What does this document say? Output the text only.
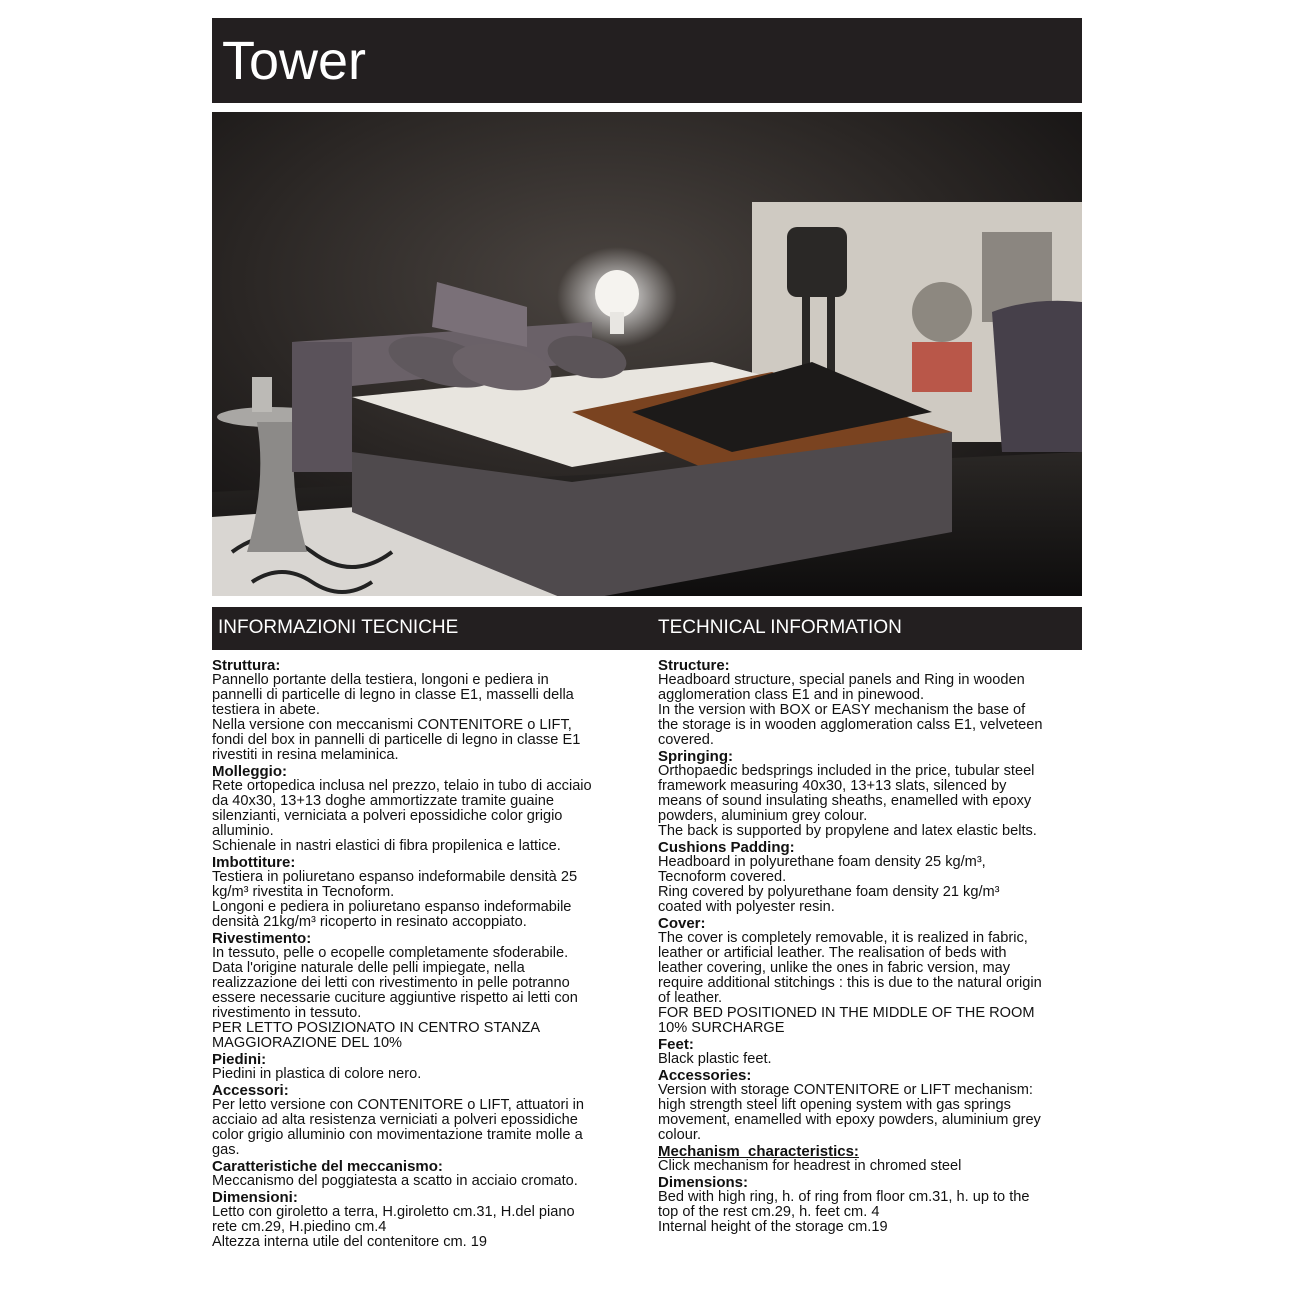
Tower
INFORMAZIONI TECNICHE	TECHNICAL INFORMATION
Struttura:

Pannello portante della testiera, longoni e pediera in
pannelli di particelle di legno in classe E1, masselli della
testiera in abete.
Nella versione con meccanismi CONTENITORE o LIFT,
fondi del box in pannelli di particelle di legno in classe E1
rivestiti in resina melaminica.

Molleggio:

Rete ortopedica inclusa nel prezzo, telaio in tubo di acciaio
da 40x30, 13+13 doghe ammortizzate tramite guaine
silenzianti, verniciata a polveri epossidiche color grigio
alluminio.
Schienale in nastri elastici di fibra propilenica e lattice.

Imbottiture:

Testiera in poliuretano espanso indeformabile densità 25
kg/m³ rivestita in Tecnoform.
Longoni e pediera in poliuretano espanso indeformabile
densità 21kg/m³ ricoperto in resinato accoppiato.

Rivestimento:

In tessuto, pelle o ecopelle completamente sfoderabile.
Data l'origine naturale delle pelli impiegate, nella
realizzazione dei letti con rivestimento in pelle potranno
essere necessarie cuciture aggiuntive rispetto ai letti con
rivestimento in tessuto.
PER LETTO POSIZIONATO IN CENTRO STANZA
MAGGIORAZIONE DEL 10%

Piedini:

Piedini in plastica di colore nero.

Accessori:

Per letto versione con CONTENITORE o LIFT, attuatori in
acciaio ad alta resistenza verniciati a polveri epossidiche
color grigio alluminio con movimentazione tramite molle a
gas.

Caratteristiche del meccanismo:

Meccanismo del poggiatesta a scatto in acciaio cromato.

Dimensioni:

Letto con giroletto a terra, H.giroletto cm.31, H.del piano
rete cm.29, H.piedino cm.4
Altezza interna utile del contenitore cm. 19

Structure:

Headboard structure, special panels and Ring in wooden
agglomeration class E1 and in pinewood.
In the version with BOX or EASY mechanism the base of
the storage is in wooden agglomeration calss E1, velveteen
covered.

Springing:

Orthopaedic bedsprings included in the price, tubular steel
framework measuring 40x30, 13+13 slats, silenced by
means of sound insulating sheaths, enamelled with epoxy
powders, aluminium grey colour.
The back is supported by propylene and latex elastic belts.

Cushions Padding:

Headboard in polyurethane foam density 25 kg/m³,
Tecnoform covered.
Ring covered by polyurethane foam density 21 kg/m³
coated with polyester resin.

Cover:

The cover is completely removable, it is realized in fabric,
leather or artificial leather. The realisation of beds with
leather covering, unlike the ones in fabric version, may
require additional stitchings : this is due to the natural origin
of leather.
FOR BED POSITIONED IN THE MIDDLE OF THE ROOM
10% SURCHARGE

Feet:

Black plastic feet.

Accessories:

Version with storage CONTENITORE or LIFT mechanism:
high strength steel lift opening system with gas springs
movement, enamelled with epoxy powders, aluminium grey
colour.

Mechanism  characteristics:

Click mechanism for headrest in chromed steel

Dimensions:

Bed with high ring, h. of ring from floor cm.31, h. up to the
top of the rest cm.29, h. feet cm. 4
Internal height of the storage cm.19
